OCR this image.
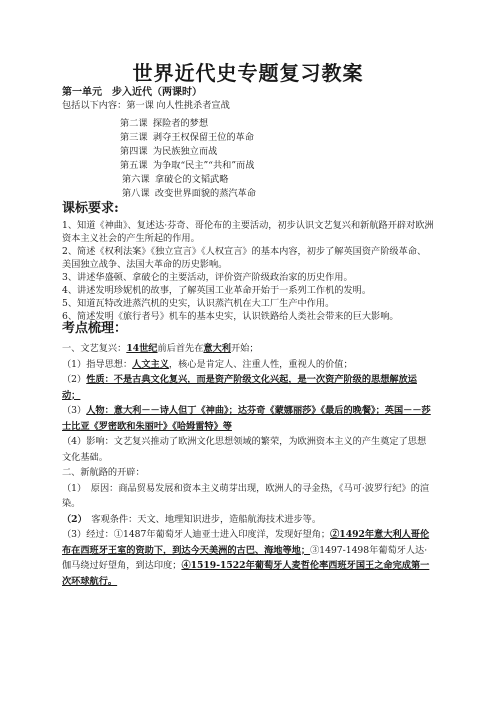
世界近代史专题复习教案
第一单元　步入近代（两课时）
包括以下内容：第一课 向人性挑杀者宣战
第二课 探险者的梦想
第三课 剥夺王权保留王位的革命
第四课 为民族独立而战
第五课 为争取“民主”“共和”而战
第六课 拿破仑的文韬武略
第八课 改变世界面貌的蒸汽革命
课标要求:
1、知道《神曲》、复述达·芬奇、哥伦布的主要活动，初步认识文艺复兴和新航路开辟对欧洲资本主义社会的产生所起的作用。
2、简述《权利法案》《独立宣言》《人权宣言》的基本内容，初步了解英国资产阶级革命、美国独立战争、法国大革命的历史影响。
3、讲述华盛顿、拿破仑的主要活动，评价资产阶级政治家的历史作用。
4、讲述发明珍妮机的故事，了解英国工业革命开始于一系列工作机的发明。
5、知道瓦特改进蒸汽机的史实，认识蒸汽机在大工厂生产中作用。
6、简述发明《旅行者号》机车的基本史实，认识铁路给人类社会带来的巨大影响。
考点梳理：
一、文艺复兴：14世纪前后首先在意大利开始；
（1）指导思想：人文主义，核心是肯定人、注重人性，重视人的价值；
（2）性质：不是古典文化复兴，而是资产阶级文化兴起，是一次资产阶级的思想解放运动；
（3）人物：意大利－－诗人但丁《神曲》；达芬奇《蒙娜丽莎》《最后的晚餐》；英国－－莎士比亚《罗密欧和朱丽叶》《哈姆雷特》等
（4）影响：文艺复兴推动了欧洲文化思想领域的繁荣，为欧洲资本主义的产生奠定了思想文化基础。
二、新航路的开辟：
（1）　原因：商品贸易发展和资本主义萌芽出现，欧洲人的寻金热，《马可·波罗行纪》的渲染。
（2）　客观条件：天文、地理知识进步，造船航海技术进步等。
（3）经过：①1487年葡萄牙人迪亚士进入印度洋，发现好望角；②1492年意大利人哥伦布在西班牙王室的资助下，到达今天美洲的古巴、海地等地；③1497-1498年葡萄牙人达·伽马绕过好望角，到达印度；④1519-1522年葡萄牙人麦哲伦率西班牙国王之命完成第一次环球航行。
